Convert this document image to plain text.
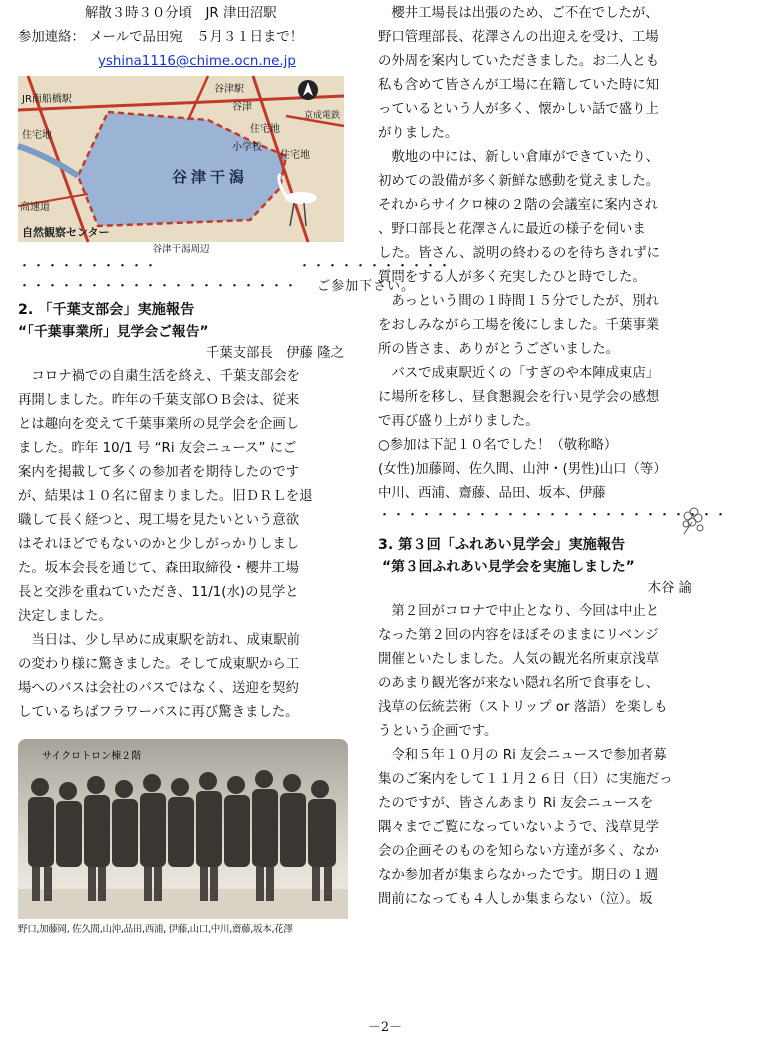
　　　　　解散３時３０分頃　JR 津田沼駅

参加連絡： メールで品田宛　５月３１日まで！

yshina1116@chime.ocn.ne.jp

JR南船橋駅
谷津駅
谷津
住宅地
住宅地
住宅地
京成電鉄
小学校
谷津干潟
高速道
自然観察センター

谷津干潟周辺

・・・・・・・・・・　　　　　　　　　　・・・・・・・・・・・

・・・・・・・・・・・・・・・・・・・・　 ご参加下さい。

2. 「千葉支部会」実施報告

“「千葉事業所」見学会ご報告”

千葉支部長　伊藤 隆之

コロナ禍での自粛生活を終え、千葉支部会を

再開しました。昨年の千葉支部ＯＢ会は、従来

とは趣向を変えて千葉事業所の見学会を企画し

ました。昨年 10/1 号 “Ri 友会ニュース” にご

案内を掲載して多くの参加者を期待したのです

が、結果は１０名に留まりました。旧ＤＲＬを退

職して長く経つと、現工場を見たいという意欲

はそれほどでもないのかと少しがっかりしまし

た。坂本会長を通じて、森田取締役・櫻井工場

長と交渉を重ねていただき、11/1(水)の見学と

決定しました。

当日は、少し早めに成東駅を訪れ、成東駅前

の変わり様に驚きました。そして成東駅から工

場へのバスは会社のバスではなく、送迎を契約

しているちばフラワーバスに再び驚きました。

サイクロトロン棟２階

野口,加藤岡, 佐久間,山沖,品田,西浦, 伊藤,山口,中川,齋藤,坂本,花澤

櫻井工場長は出張のため、ご不在でしたが、

野口管理部長、花澤さんの出迎えを受け、工場

の外周を案内していただきました。お二人とも

私も含めて皆さんが工場に在籍していた時に知

っているという人が多く、懐かしい話で盛り上

がりました。

敷地の中には、新しい倉庫ができていたり、

初めての設備が多く新鮮な感動を覚えました。

それからサイクロ棟の２階の会議室に案内され

、野口部長と花澤さんに最近の様子を伺いま

した。皆さん、説明の終わるのを待ちきれずに

質問をする人が多く充実したひと時でした。

あっという間の１時間１５分でしたが、別れ

をおしみながら工場を後にしました。千葉事業

所の皆さま、ありがとうございました。

バスで成東駅近くの「すぎのや本陣成東店」

に場所を移し、昼食懇親会を行い見学会の感想

で再び盛り上がりました。

○参加は下記１０名でした！（敬称略）

(女性)加藤岡、佐久間、山沖・(男性)山口（等）

中川、西浦、齋藤、品田、坂本、伊藤

・・・・・・・・・・・・・・・・・・・・・・・・・

3. 第３回「ふれあい見学会」実施報告

“第３回ふれあい見学会を実施しました”

木谷 諭

第２回がコロナで中止となり、今回は中止と

なった第２回の内容をほぼそのままにリベンジ

開催といたしました。人気の観光名所東京浅草

のあまり観光客が来ない隠れ名所で食事をし、

浅草の伝統芸術（ストリップ or 落語）を楽しも

うという企画です。

令和５年１０月の Ri 友会ニュースで参加者募

集のご案内をして１１月２６日（日）に実施だっ

たのですが、皆さんあまり Ri 友会ニュースを

隅々までご覧になっていないようで、浅草見学

会の企画そのものを知らない方達が多く、なか

なか参加者が集まらなかったです。期日の１週

間前になっても４人しか集まらない（泣）。坂

－2－
